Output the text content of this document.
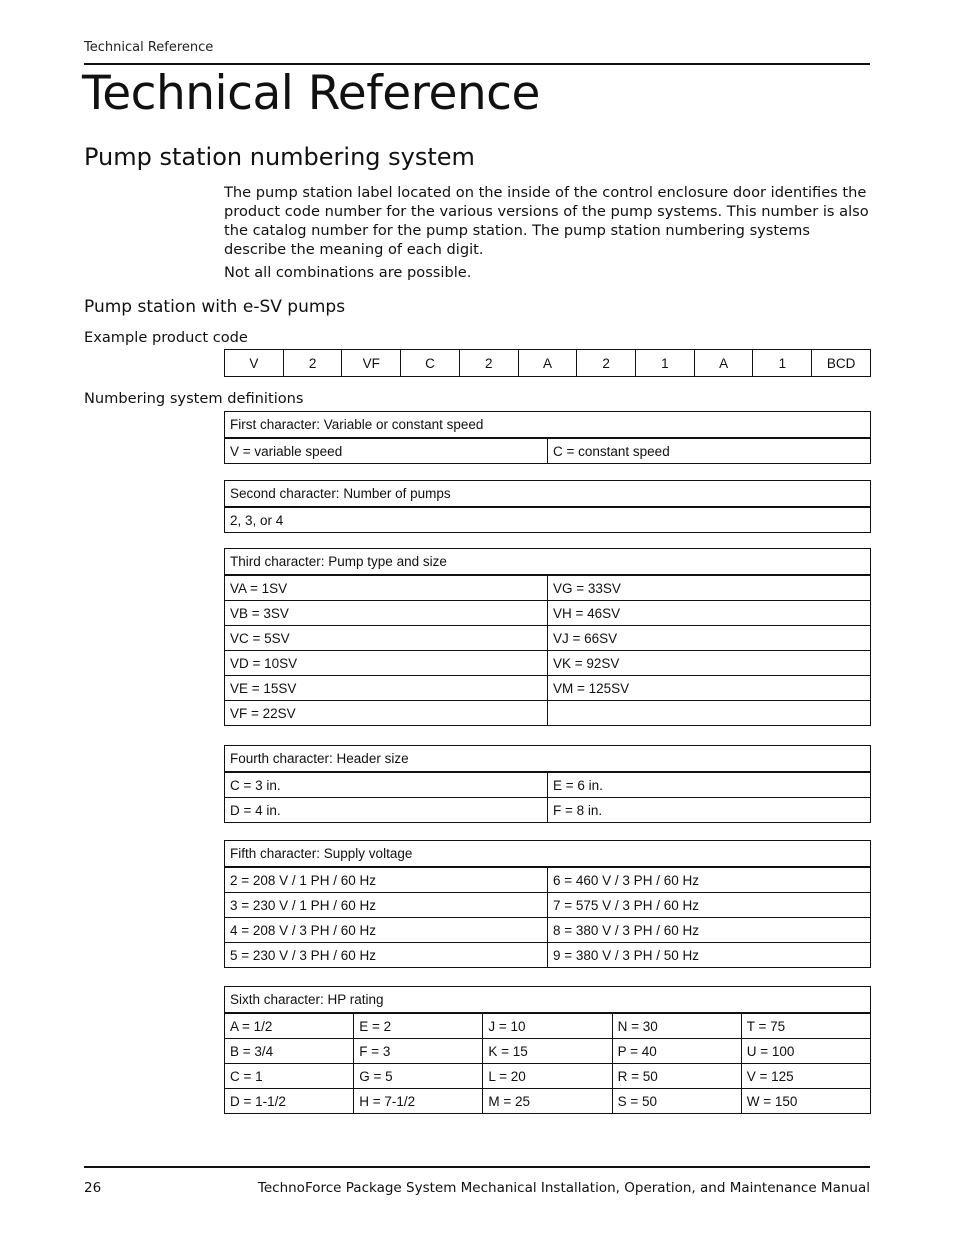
Technical Reference
Technical Reference
Pump station numbering system

The pump station label located on the inside of the control enclosure door identifies the product code number for the various versions of the pump systems. This number is also the catalog number for the pump station. The pump station numbering systems describe the meaning of each digit.

Not all combinations are possible.

Pump station with e-SV pumps
Example product code
V	2	VF	C	2	A	2	1	A	1	BCD
Numbering system definitions
First character: Variable or constant speed
V = variable speed	C = constant speed
Second character: Number of pumps
2, 3, or 4
Third character: Pump type and size	
VA = 1SV	VG = 33SV
VB = 3SV	VH = 46SV
VC = 5SV	VJ = 66SV
VD = 10SV	VK = 92SV
VE = 15SV	VM = 125SV
VF = 22SV	
Fourth character: Header size	
C = 3 in.	E = 6 in.
D = 4 in.	F = 8 in.
Fifth character: Supply voltage	
2 = 208 V / 1 PH / 60 Hz	6 = 460 V / 3 PH / 60 Hz
3 = 230 V / 1 PH / 60 Hz	7 = 575 V / 3 PH / 60 Hz
4 = 208 V / 3 PH / 60 Hz	8 = 380 V / 3 PH / 60 Hz
5 = 230 V / 3 PH / 60 Hz	9 = 380 V / 3 PH / 50 Hz
Sixth character: HP rating				
A = 1/2	E = 2	J = 10	N = 30	T = 75
B = 3/4	F = 3	K = 15	P = 40	U = 100
C = 1	G = 5	L = 20	R = 50	V = 125
D = 1-1/2	H = 7-1/2	M = 25	S = 50	W = 150
26	TechnoForce Package System Mechanical Installation, Operation, and Maintenance Manual
